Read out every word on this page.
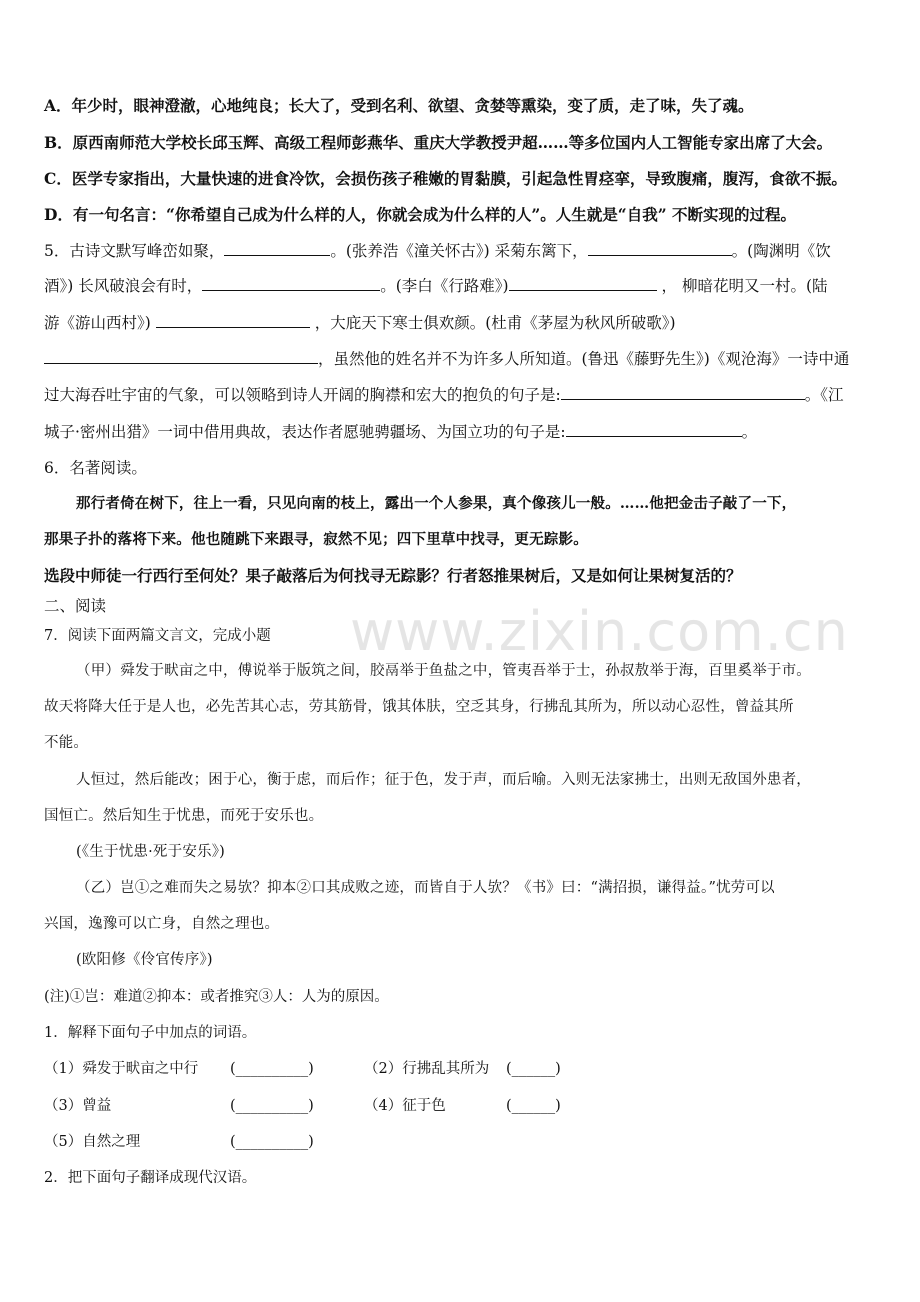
www.zixin.com.cn
A．年少时，眼神澄澈，心地纯良；长大了，受到名利、欲望、贪婪等熏染，变了质，走了味，失了魂。
B．原西南师范大学校长邱玉辉、高级工程师彭燕华、重庆大学教授尹超……等多位国内人工智能专家出席了大会。
C．医学专家指出，大量快速的进食冷饮，会损伤孩子稚嫩的胃黏膜，引起急性胃痉挛，导致腹痛，腹泻，食欲不振。
D．有一句名言：“你希望自己成为什么样的人，你就会成为什么样的人”。人生就是“自我” 不断实现的过程。
5．古诗文默写峰峦如聚，	。(张养浩《潼关怀古》) 采菊东篱下，	。(陶渊明《饮
酒》) 长风破浪会有时，	。(李白《行路难》)	， 柳暗花明又一村。(陆
游《游山西村》)	，大庇天下寒士俱欢颜。(杜甫《茅屋为秋风所破歌》)
，虽然他的姓名并不为许多人所知道。(鲁迅《藤野先生》)《观沧海》一诗中通
过大海吞吐宇宙的气象，可以领略到诗人开阔的胸襟和宏大的抱负的句子是:	。《江
城子·密州出猎》一词中借用典故，表达作者愿驰骋疆场、为国立功的句子是:	。
6．名著阅读。
那行者倚在树下，往上一看，只见向南的枝上，露出一个人参果，真个像孩儿一般。……他把金击子敲了一下，
那果子扑的落将下来。他也随跳下来跟寻，寂然不见；四下里草中找寻，更无踪影。
选段中师徒一行西行至何处？果子敲落后为何找寻无踪影？行者怒推果树后，又是如何让果树复活的？
二、阅读
7．阅读下面两篇文言文，完成小题
（甲）舜发于畎亩之中，傅说举于版筑之间，胶鬲举于鱼盐之中，管夷吾举于士，孙叔敖举于海，百里奚举于市。
故天将降大任于是人也，必先苦其心志，劳其筋骨，饿其体肤，空乏其身，行拂乱其所为，所以动心忍性，曾益其所
不能。
人恒过，然后能改；困于心，衡于虑，而后作；征于色，发于声，而后喻。入则无法家拂士，出则无敌国外患者，
国恒亡。然后知生于忧患，而死于安乐也。
(《生于忧患·死于安乐》)
（乙）岂①之难而失之易欤？抑本②口其成败之迹，而皆自于人欤？《书》曰：“满招损，谦得益。”忧劳可以
兴国，逸豫可以亡身，自然之理也。
(欧阳修《伶官传序》)
(注)①岂：难道②抑本：或者推究③人：人为的原因。
1．解释下面句子中加点的词语。
（1）舜发于畎亩之中行 (__________)	（2）行拂乱其所为 (______)
（3）曾益	(__________)	（4）征于色	(______)
（5）自然之理	(__________)
2．把下面句子翻译成现代汉语。
